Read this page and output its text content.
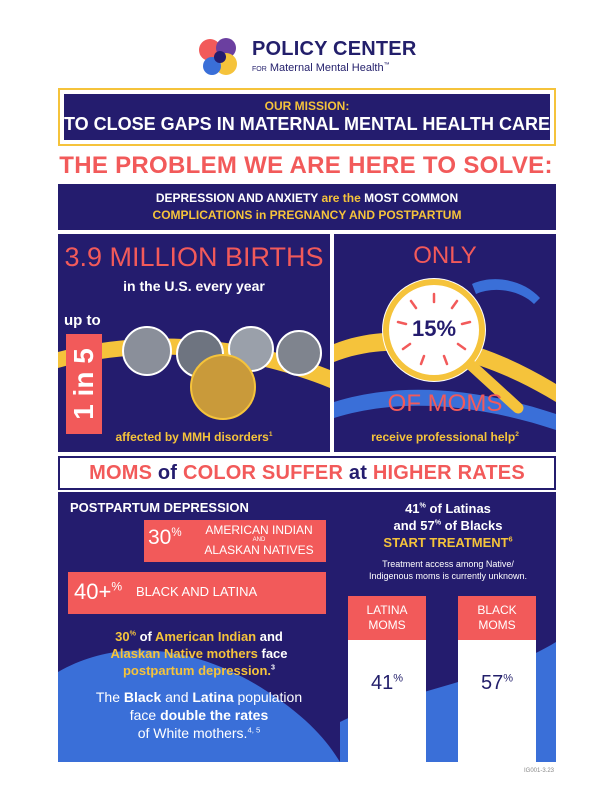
POLICY CENTER
FOR Maternal Mental Health™
OUR MISSION:
TO CLOSE GAPS IN MATERNAL MENTAL HEALTH CARE
THE PROBLEM WE ARE HERE TO SOLVE:
DEPRESSION AND ANXIETY are the MOST COMMON
COMPLICATIONS in PREGNANCY AND POSTPARTUM
3.9 MILLION BIRTHS
in the U.S. every year
up to
1 in 5
affected by MMH disorders$^1$
ONLY
15%
OF MOMS
receive professional help$^2$
MOMS of COLOR SUFFER at HIGHER RATES
POSTPARTUM DEPRESSION
30%	AMERICAN INDIAN
AND
ALASKAN NATIVES
40+% BLACK AND LATINA
30% of American Indian and
Alaskan Native mothers face
postpartum depression.$^3$
The Black and Latina population
face double the rates
of White mothers.$^{4, 5}$
41% of Latinas
and 57% of Blacks
START TREATMENT$^6$
Treatment access among Native/
Indigenous moms is currently unknown.
LATINA
MOMS
41%
BLACK
MOMS
57%
IG001-3.23
